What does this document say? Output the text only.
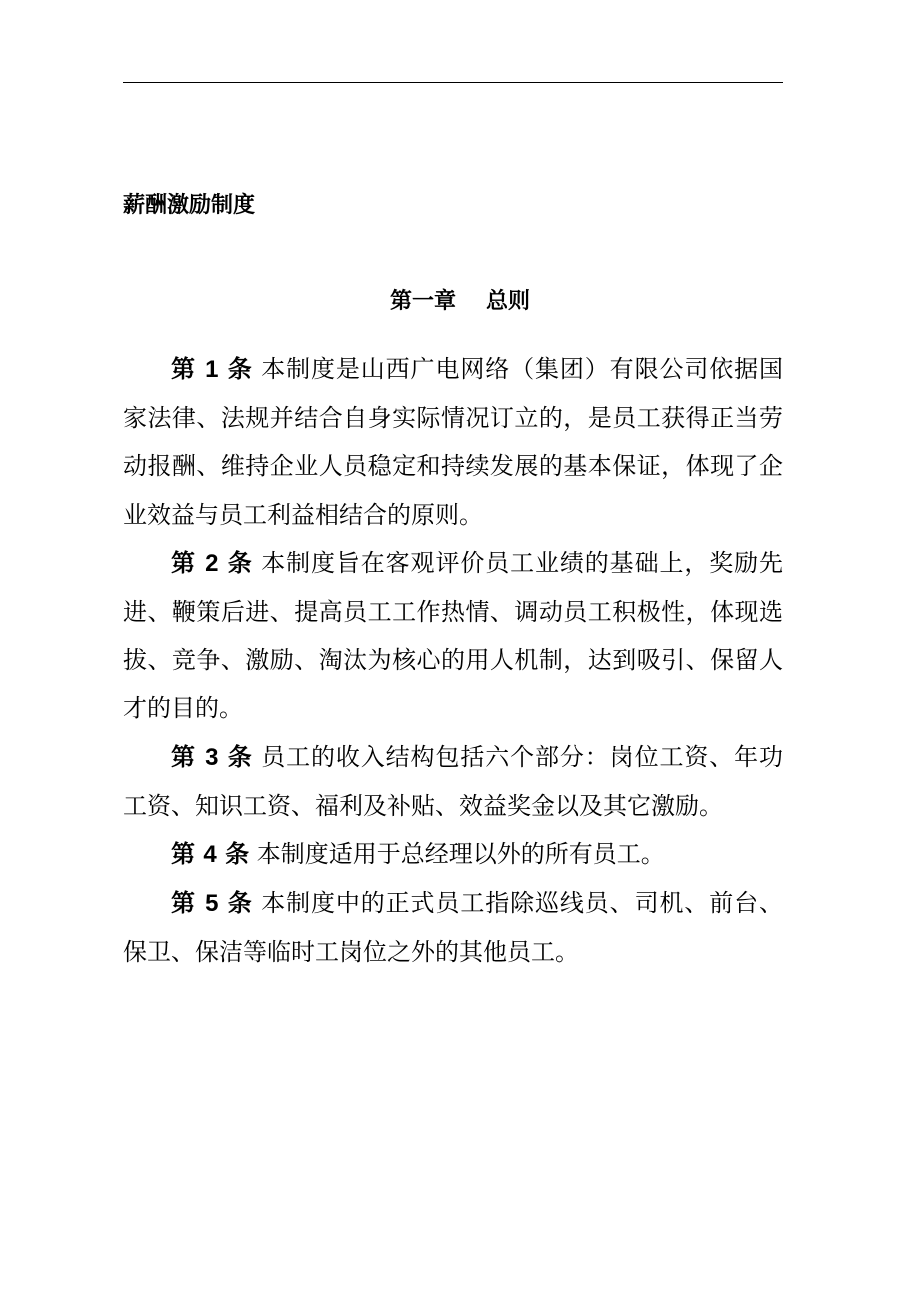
薪酬激励制度
第一章 总则

第 1 条 本制度是山西广电网络（集团）有限公司依据国家法律、法规并结合自身实际情况订立的，是员工获得正当劳动报酬、维持企业人员稳定和持续发展的基本保证，体现了企业效益与员工利益相结合的原则。

第 2 条 本制度旨在客观评价员工业绩的基础上，奖励先进、鞭策后进、提高员工工作热情、调动员工积极性，体现选拔、竞争、激励、淘汰为核心的用人机制，达到吸引、保留人才的目的。

第 3 条 员工的收入结构包括六个部分：岗位工资、年功工资、知识工资、福利及补贴、效益奖金以及其它激励。

第 4 条 本制度适用于总经理以外的所有员工。

第 5 条 本制度中的正式员工指除巡线员、司机、前台、保卫、保洁等临时工岗位之外的其他员工。
